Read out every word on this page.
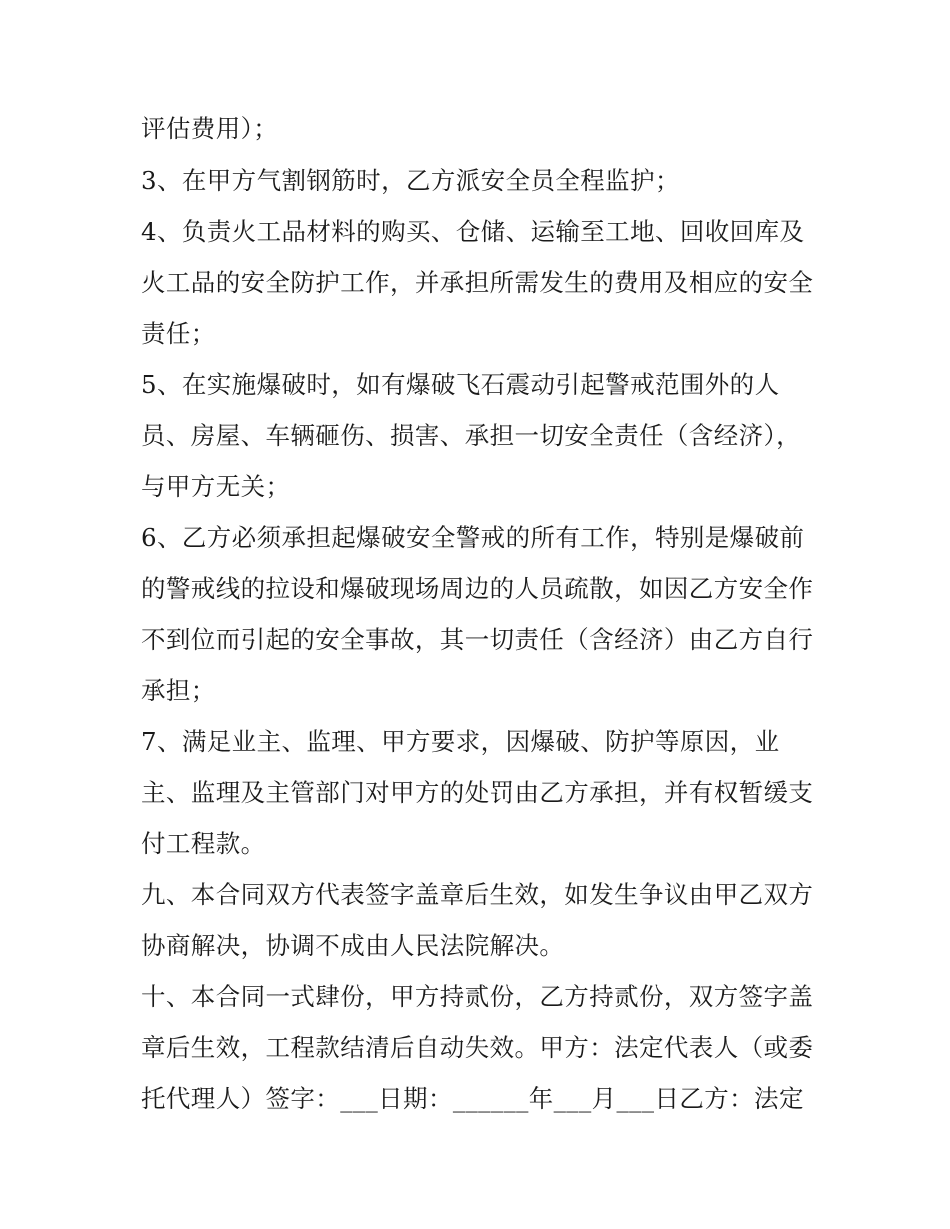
评估费用）；
3、在甲方气割钢筋时，乙方派安全员全程监护；
4、负责火工品材料的购买、仓储、运输至工地、回收回库及
火工品的安全防护工作，并承担所需发生的费用及相应的安全
责任；
5、在实施爆破时，如有爆破飞石震动引起警戒范围外的人
员、房屋、车辆砸伤、损害、承担一切安全责任（含经济），
与甲方无关；
6、乙方必须承担起爆破安全警戒的所有工作，特别是爆破前
的警戒线的拉设和爆破现场周边的人员疏散，如因乙方安全作
不到位而引起的安全事故，其一切责任（含经济）由乙方自行
承担；
7、满足业主、监理、甲方要求，因爆破、防护等原因，业
主、监理及主管部门对甲方的处罚由乙方承担，并有权暂缓支
付工程款。
九、本合同双方代表签字盖章后生效，如发生争议由甲乙双方
协商解决，协调不成由人民法院解决。
十、本合同一式肆份，甲方持贰份，乙方持贰份，双方签字盖
章后生效，工程款结清后自动失效。甲方：法定代表人（或委
托代理人）签字：___日期：______年___月___日乙方：法定
